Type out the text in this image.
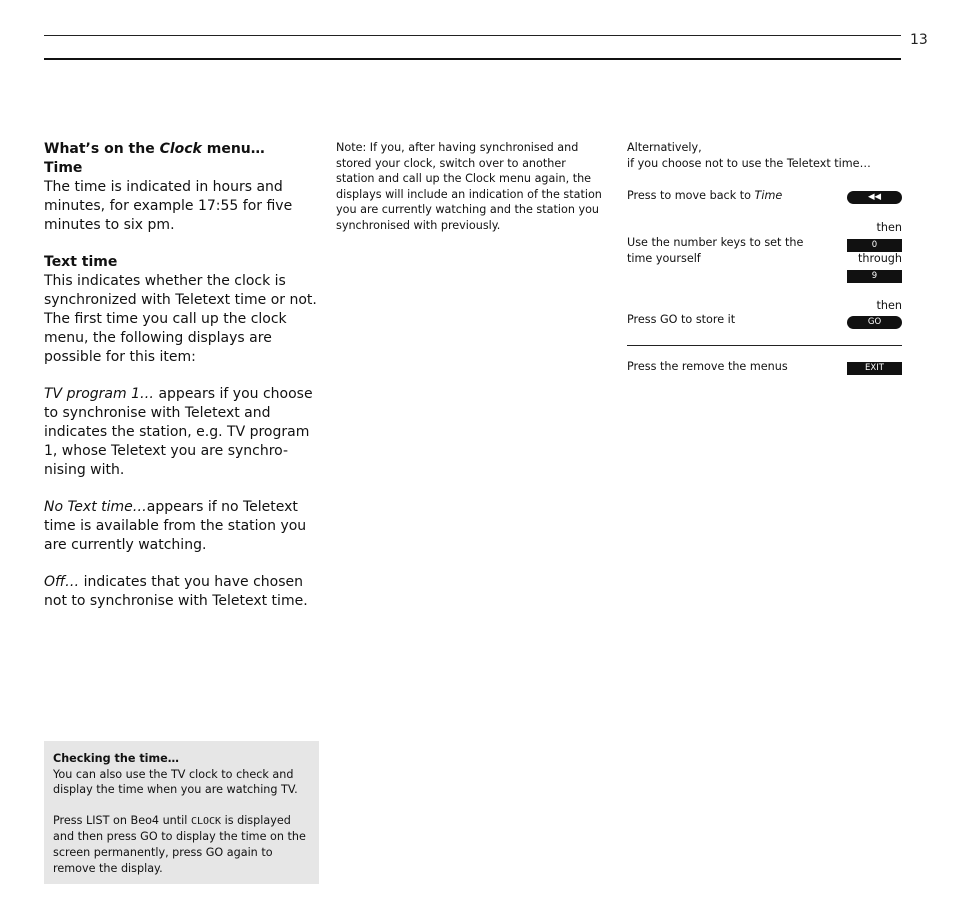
13

What’s on the Clock menu…

Time

The time is indicated in hours and minutes, for example 17:55 for five minutes to six pm.

Text time

This indicates whether the clock is synchronized with Teletext time or not. The first time you call up the clock menu, the following displays are possible for this item:

TV program 1… appears if you choose to synchronise with Teletext and indicates the station, e.g. TV program 1, whose Teletext you are synchro-nising with.

No Text time…appears if no Teletext time is available from the station you are currently watching.

Off… indicates that you have chosen not to synchronise with Teletext time.

Note: If you, after having synchronised and stored your clock, switch over to another station and call up the Clock menu again, the displays will include an indication of the station you are currently watching and the station you synchronised with previously.
Alternatively,
if you choose not to use the Teletext time…
Press to move back to Time	◀◀
then
Use the number keys to set the time yourself
0
through
9
then
Press GO to store it	GO
Press the remove the menus	EXIT
Checking the time…
You can also use the TV clock to check and display the time when you are watching TV.
Press LIST on Beo4 until CLOCK is displayed and then press GO to display the time on the screen permanently, press GO again to remove the display.
